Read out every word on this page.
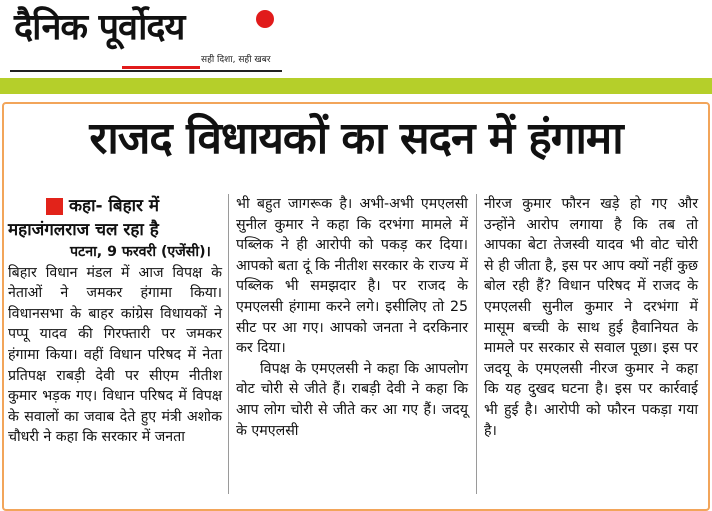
दैनिक पूर्वोदय
सही दिशा, सही खबर
राजद विधायकों का सदन में हंगामा
कहा- बिहार में
महाजंगलराज चल रहा है
पटना, 9 फरवरी (एजेंसी)।

बिहार विधान मंडल में आज विपक्ष के नेताओं ने जमकर हंगामा किया। विधानसभा के बाहर कांग्रेस विधायकों ने पप्पू यादव की गिरफ्तारी पर जमकर हंगामा किया। वहीं विधान परिषद में नेता प्रतिपक्ष राबड़ी देवी पर सीएम नीतीश कुमार भड़क गए। विधान परिषद में विपक्ष के सवालों का जवाब देते हुए मंत्री अशोक चौधरी ने कहा कि सरकार में जनता

भी बहुत जागरूक है। अभी-अभी एमएलसी सुनील कुमार ने कहा कि दरभंगा मामले में पब्लिक ने ही आरोपी को पकड़ कर दिया। आपको बता दूं कि नीतीश सरकार के राज्य में पब्लिक भी समझदार है। पर राजद के एमएलसी हंगामा करने लगे। इसीलिए तो 25 सीट पर आ गए। आपको जनता ने दरकिनार कर दिया।

विपक्ष के एमएलसी ने कहा कि आपलोग वोट चोरी से जीते हैं। राबड़ी देवी ने कहा कि आप लोग चोरी से जीते कर आ गए हैं। जदयू के एमएलसी

नीरज कुमार फौरन खड़े हो गए और उन्होंने आरोप लगाया है कि तब तो आपका बेटा तेजस्वी यादव भी वोट चोरी से ही जीता है, इस पर आप क्यों नहीं कुछ बोल रही हैं? विधान परिषद में राजद के एमएलसी सुनील कुमार ने दरभंगा में मासूम बच्ची के साथ हुई हैवानियत के मामले पर सरकार से सवाल पूछा। इस पर जदयू के एमएलसी नीरज कुमार ने कहा कि यह दुखद घटना है। इस पर कार्रवाई भी हुई है। आरोपी को फौरन पकड़ा गया है।
